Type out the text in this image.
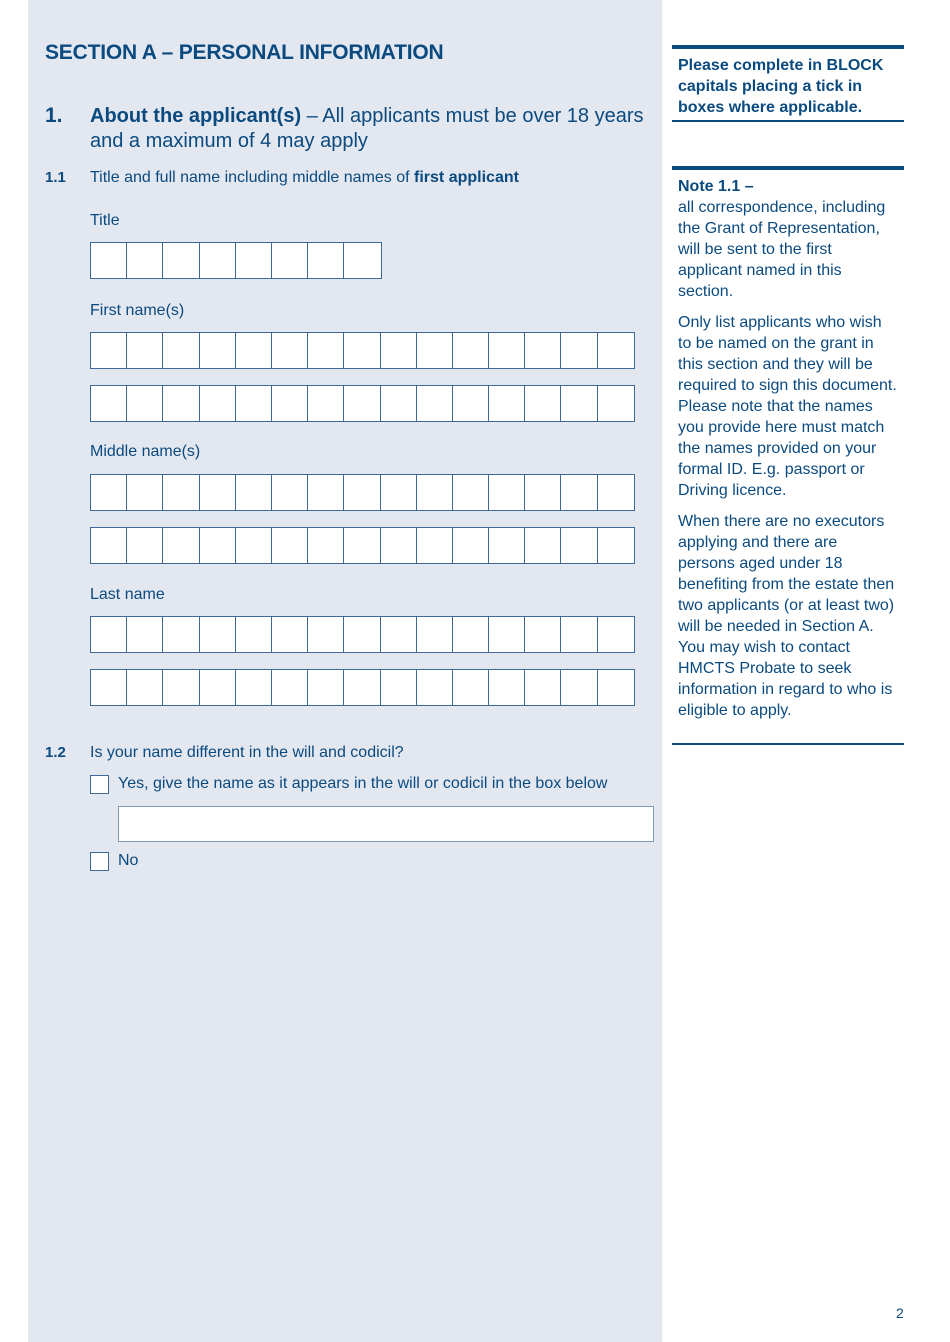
SECTION A – PERSONAL INFORMATION
1. About the applicant(s) – All applicants must be over 18 years and a maximum of 4 may apply
1.1 Title and full name including middle names of first applicant
Title
First name(s)
Middle name(s)
Last name
1.2 Is your name different in the will and codicil?
Yes, give the name as it appears in the will or codicil in the box below
No
Please complete in BLOCK capitals placing a tick in boxes where applicable.
Note 1.1 –

all correspondence, including the Grant of Representation, will be sent to the first applicant named in this section.

Only list applicants who wish to be named on the grant in this section and they will be required to sign this document. Please note that the names you provide here must match the names provided on your formal ID. E.g. passport or Driving licence.

When there are no executors applying and there are persons aged under 18 benefiting from the estate then two applicants (or at least two) will be needed in Section A. You may wish to contact HMCTS Probate to seek information in regard to who is eligible to apply.

2
